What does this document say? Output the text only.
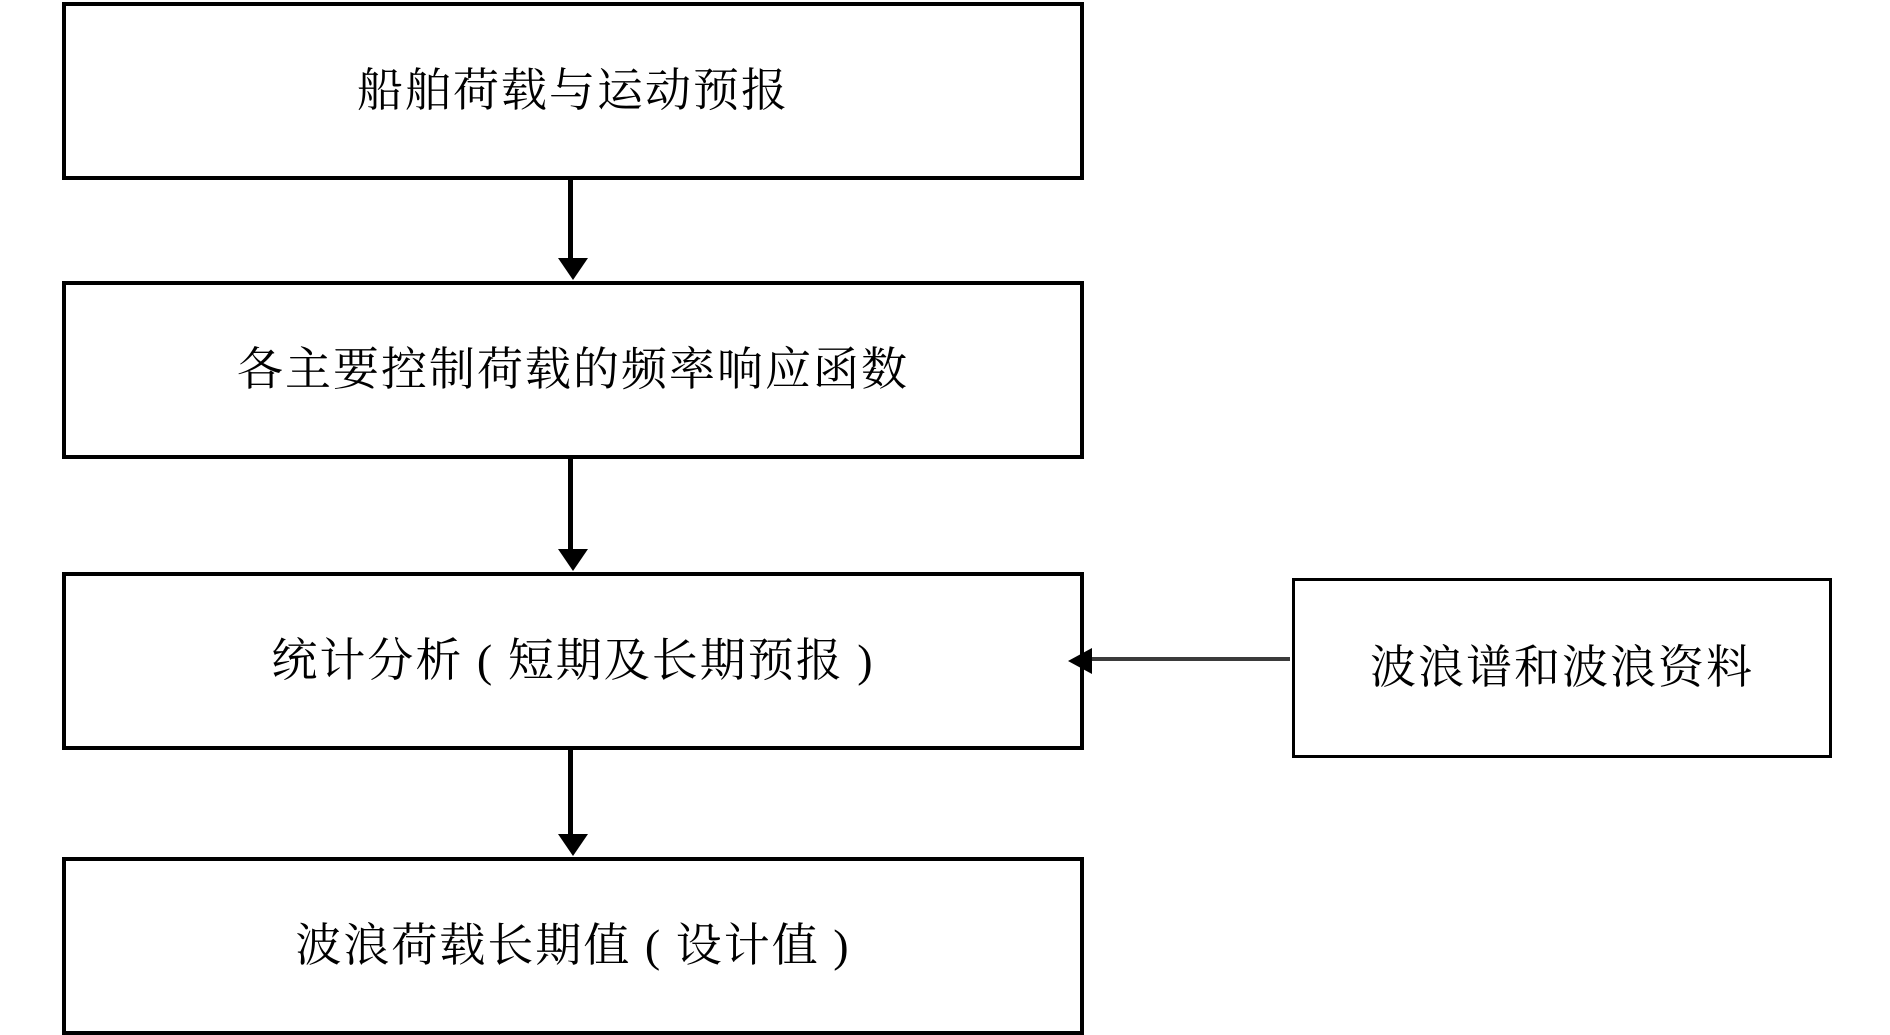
船舶荷载与运动预报
各主要控制荷载的频率响应函数
统计分析 ( 短期及长期预报 )
波浪荷载长期值 ( 设计值 )
波浪谱和波浪资料
